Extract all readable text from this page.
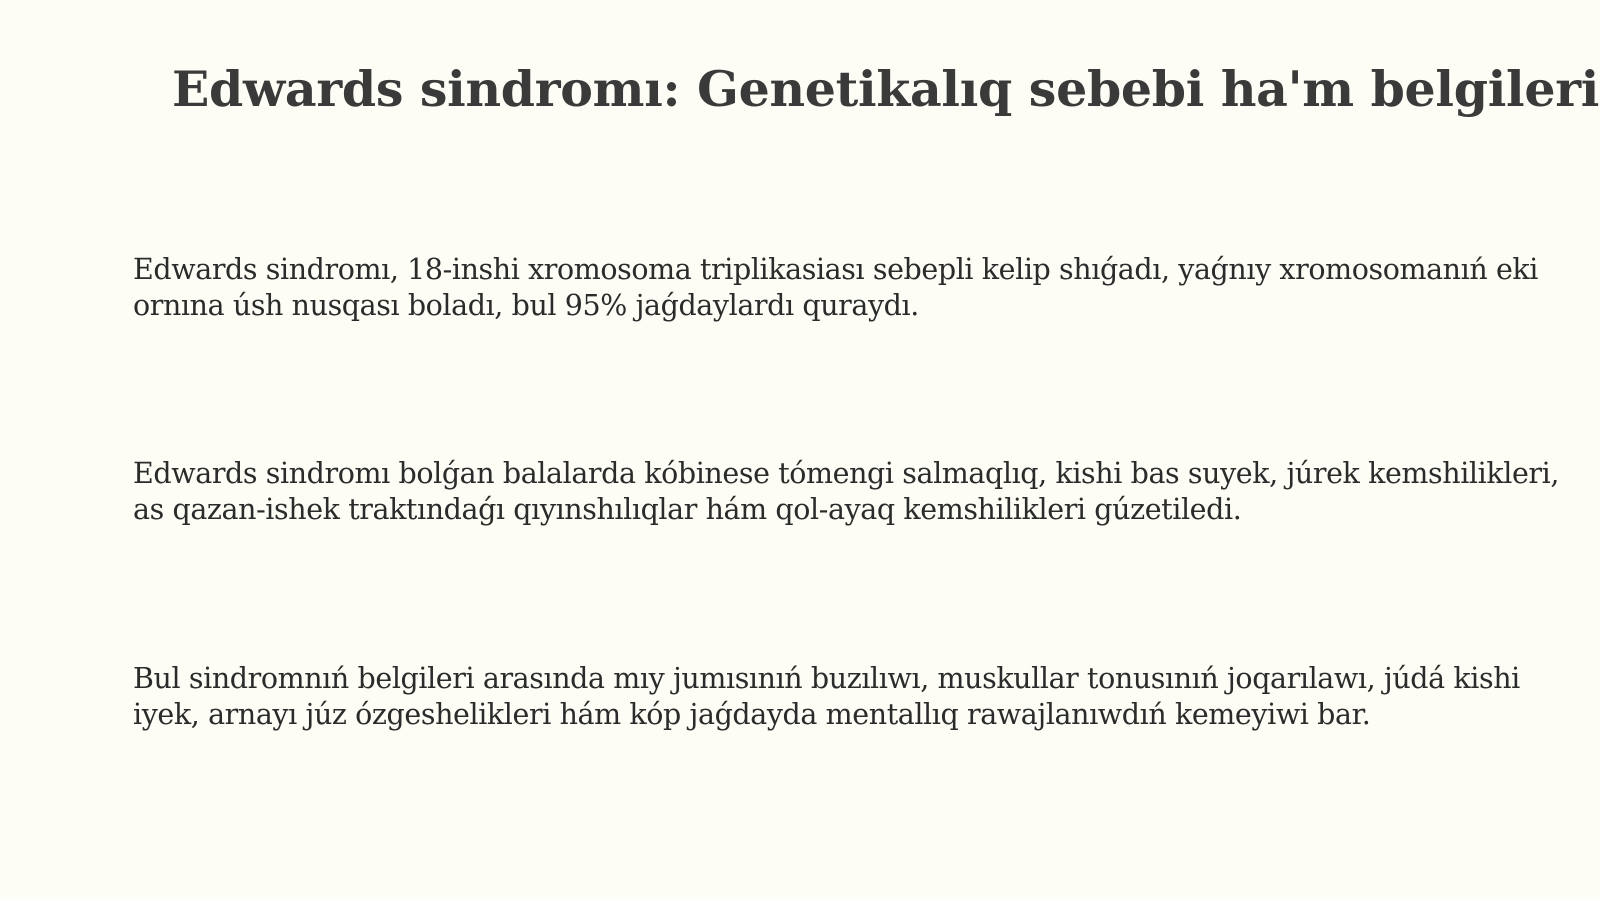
Edwards sindromı: Genetikalıq sebebi ha'm belgileri

Edwards sindromı, 18-inshi xromosoma triplikasiası sebepli kelip shıǵadı, yaǵnıy xromosomanıń eki ornına úsh nusqası boladı, bul 95% jaǵdaylardı quraydı.

Edwards sindromı bolǵan balalarda kóbinese tómengi salmaqlıq, kishi bas suyek, júrek kemshilikleri, as qazan-ishek traktındaǵı qıyınshılıqlar hám qol-ayaq kemshilikleri gúzetiledi.

Bul sindromnıń belgileri arasında mıy jumısınıń buzılıwı, muskullar tonusınıń joqarılawı, júdá kishi iyek, arnayı júz ózgeshelikleri hám kóp jaǵdayda mentallıq rawajlanıwdıń kemeyiwi bar.
